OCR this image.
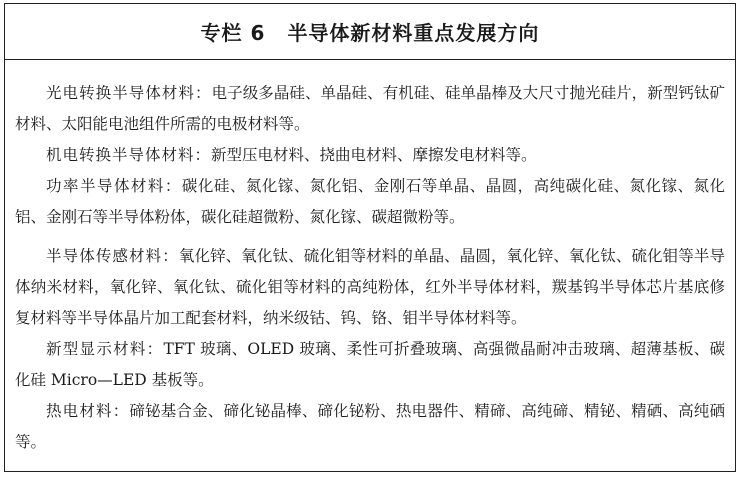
专栏 6 半导体新材料重点发展方向

光电转换半导体材料：电子级多晶硅、单晶硅、有机硅、硅单晶棒及大尺寸抛光硅片，新型钙钛矿材料、太阳能电池组件所需的电极材料等。

机电转换半导体材料：新型压电材料、挠曲电材料、摩擦发电材料等。

功率半导体材料：碳化硅、氮化镓、氮化铝、金刚石等单晶、晶圆，高纯碳化硅、氮化镓、氮化铝、金刚石等半导体粉体，碳化硅超微粉、氮化镓、碳超微粉等。

半导体传感材料：氧化锌、氧化钛、硫化钼等材料的单晶、晶圆，氧化锌、氧化钛、硫化钼等半导体纳米材料，氧化锌、氧化钛、硫化钼等材料的高纯粉体，红外半导体材料，羰基钨半导体芯片基底修复材料等半导体晶片加工配套材料，纳米级钴、钨、铬、钼半导体材料等。

新型显示材料：TFT 玻璃、OLED 玻璃、柔性可折叠玻璃、高强微晶耐冲击玻璃、超薄基板、碳化硅 Micro—LED 基板等。

热电材料：碲铋基合金、碲化铋晶棒、碲化铋粉、热电器件、精碲、高纯碲、精铋、精硒、高纯硒等。
